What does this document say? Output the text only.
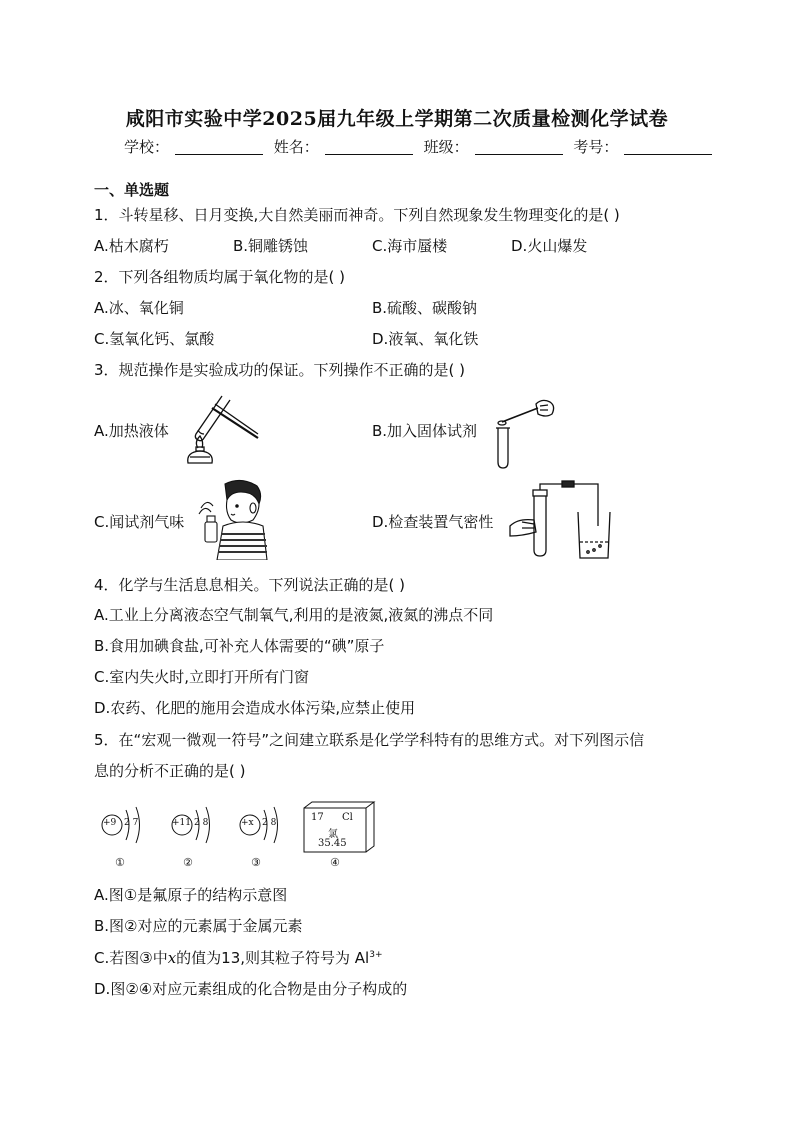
咸阳市实验中学2025届九年级上学期第二次质量检测化学试卷
学校：	姓名：	班级：	考号：
一、单选题
1．斗转星移、日月变换,大自然美丽而神奇。下列自然现象发生物理变化的是( )
A.枯木腐朽	B.铜雕锈蚀	C.海市蜃楼	D.火山爆发
2．下列各组物质均属于氧化物的是( )
A.冰、氧化铜	B.硫酸、碳酸钠
C.氢氧化钙、氯酸	D.液氧、氧化铁
3．规范操作是实验成功的保证。下列操作不正确的是( )
A.加热液体	B.加入固体试剂
C.闻试剂气味	D.检查装置气密性
4．化学与生活息息相关。下列说法正确的是( )
A.工业上分离液态空气制氧气,利用的是液氮,液氮的沸点不同
B.食用加碘食盐,可补充人体需要的“碘”原子
C.室内失火时,立即打开所有门窗
D.农药、化肥的施用会造成水体污染,应禁止使用
5．在“宏观一微观一符号”之间建立联系是化学学科特有的思维方式。对下列图示信
息的分析不正确的是( )
+9 2 7	+11 2 8	+x 2 8	17 Cl
氯
35.45
①	②	③	④
A.图①是氟原子的结构示意图
B.图②对应的元素属于金属元素
C.若图③中x的值为13,则其粒子符号为 $Al^{3+}$
D.图②④对应元素组成的化合物是由分子构成的
